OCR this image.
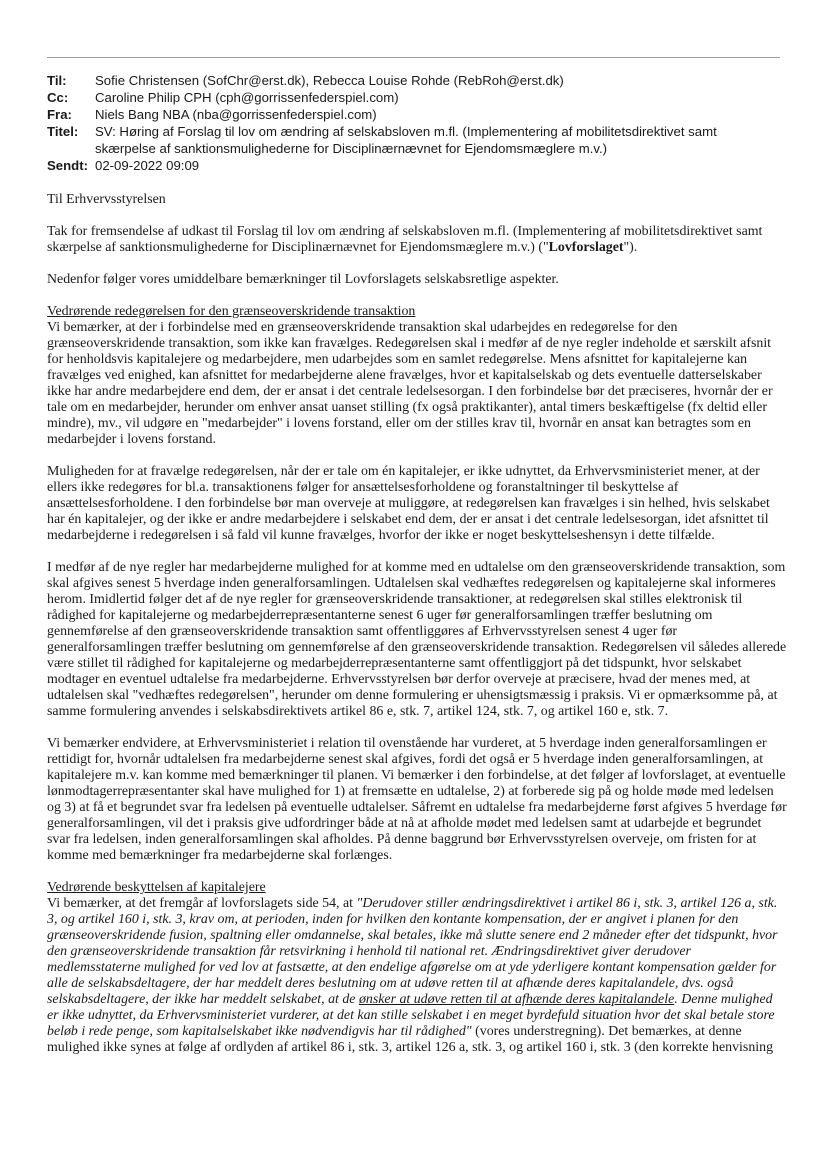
Til:	Sofie Christensen (SofChr@erst.dk), Rebecca Louise Rohde (RebRoh@erst.dk)
Cc:	Caroline Philip CPH (cph@gorrissenfederspiel.com)
Fra:	Niels Bang NBA (nba@gorrissenfederspiel.com)
Titel:	SV: Høring af Forslag til lov om ændring af selskabsloven m.fl. (Implementering af mobilitetsdirektivet samt
skærpelse af sanktionsmulighederne for Disciplinærnævnet for Ejendomsmæglere m.v.)
Sendt: 02-09-2022 09:09

Til Erhvervsstyrelsen

Tak for fremsendelse af udkast til Forslag til lov om ændring af selskabsloven m.fl. (Implementering af mobilitetsdirektivet samt skærpelse af sanktionsmulighederne for Disciplinærnævnet for Ejendomsmæglere m.v.) ("Lovforslaget").

Nedenfor følger vores umiddelbare bemærkninger til Lovforslagets selskabsretlige aspekter.

Vedrørende redegørelsen for den grænseoverskridende transaktion

Vi bemærker, at der i forbindelse med en grænseoverskridende transaktion skal udarbejdes en redegørelse for den grænseoverskridende transaktion, som ikke kan fravælges. Redegørelsen skal i medfør af de nye regler indeholde et særskilt afsnit for henholdsvis kapitalejere og medarbejdere, men udarbejdes som en samlet redegørelse. Mens afsnittet for kapitalejerne kan fravælges ved enighed, kan afsnittet for medarbejderne alene fravælges, hvor et kapitalselskab og dets eventuelle datterselskaber ikke har andre medarbejdere end dem, der er ansat i det centrale ledelsesorgan. I den forbindelse bør det præciseres, hvornår der er tale om en medarbejder, herunder om enhver ansat uanset stilling (fx også praktikanter), antal timers beskæftigelse (fx deltid eller mindre), mv., vil udgøre en "medarbejder" i lovens forstand, eller om der stilles krav til, hvornår en ansat kan betragtes som en medarbejder i lovens forstand.

Muligheden for at fravælge redegørelsen, når der er tale om én kapitalejer, er ikke udnyttet, da Erhvervsministeriet mener, at der ellers ikke redegøres for bl.a. transaktionens følger for ansættelsesforholdene og foranstaltninger til beskyttelse af ansættelsesforholdene. I den forbindelse bør man overveje at muliggøre, at redegørelsen kan fravælges i sin helhed, hvis selskabet har én kapitalejer, og der ikke er andre medarbejdere i selskabet end dem, der er ansat i det centrale ledelsesorgan, idet afsnittet til medarbejderne i redegørelsen i så fald vil kunne fravælges, hvorfor der ikke er noget beskyttelseshensyn i dette tilfælde.

I medfør af de nye regler har medarbejderne mulighed for at komme med en udtalelse om den grænseoverskridende transaktion, som skal afgives senest 5 hverdage inden generalforsamlingen. Udtalelsen skal vedhæftes redegørelsen og kapitalejerne skal informeres herom. Imidlertid følger det af de nye regler for grænseoverskridende transaktioner, at redegørelsen skal stilles elektronisk til rådighed for kapitalejerne og medarbejderrepræsentanterne senest 6 uger før generalforsamlingen træffer beslutning om gennemførelse af den grænseoverskridende transaktion samt offentliggøres af Erhvervsstyrelsen senest 4 uger før generalforsamlingen træffer beslutning om gennemførelse af den grænseoverskridende transaktion. Redegørelsen vil således allerede være stillet til rådighed for kapitalejerne og medarbejderrepræsentanterne samt offentliggjort på det tidspunkt, hvor selskabet modtager en eventuel udtalelse fra medarbejderne. Erhvervsstyrelsen bør derfor overveje at præcisere, hvad der menes med, at udtalelsen skal "vedhæftes redegørelsen", herunder om denne formulering er uhensigtsmæssig i praksis. Vi er opmærksomme på, at samme formulering anvendes i selskabsdirektivets artikel 86 e, stk. 7, artikel 124, stk. 7, og artikel 160 e, stk. 7.

Vi bemærker endvidere, at Erhvervsministeriet i relation til ovenstående har vurderet, at 5 hverdage inden generalforsamlingen er rettidigt for, hvornår udtalelsen fra medarbejderne senest skal afgives, fordi det også er 5 hverdage inden generalforsamlingen, at kapitalejere m.v. kan komme med bemærkninger til planen. Vi bemærker i den forbindelse, at det følger af lovforslaget, at eventuelle lønmodtagerrepræsentanter skal have mulighed for 1) at fremsætte en udtalelse, 2) at forberede sig på og holde møde med ledelsen og 3) at få et begrundet svar fra ledelsen på eventuelle udtalelser. Såfremt en udtalelse fra medarbejderne først afgives 5 hverdage før generalforsamlingen, vil det i praksis give udfordringer både at nå at afholde mødet med ledelsen samt at udarbejde et begrundet svar fra ledelsen, inden generalforsamlingen skal afholdes. På denne baggrund bør Erhvervsstyrelsen overveje, om fristen for at komme med bemærkninger fra medarbejderne skal forlænges.

Vedrørende beskyttelsen af kapitalejere

Vi bemærker, at det fremgår af lovforslagets side 54, at "Derudover stiller ændringsdirektivet i artikel 86 i, stk. 3, artikel 126 a, stk. 3, og artikel 160 i, stk. 3, krav om, at perioden, inden for hvilken den kontante kompensation, der er angivet i planen for den grænseoverskridende fusion, spaltning eller omdannelse, skal betales, ikke må slutte senere end 2 måneder efter det tidspunkt, hvor den grænseoverskridende transaktion får retsvirkning i henhold til national ret. Ændringsdirektivet giver derudover medlemsstaterne mulighed for ved lov at fastsætte, at den endelige afgørelse om at yde yderligere kontant kompensation gælder for alle de selskabsdeltagere, der har meddelt deres beslutning om at udøve retten til at afhænde deres kapitalandele, dvs. også selskabsdeltagere, der ikke har meddelt selskabet, at de ønsker at udøve retten til at afhænde deres kapitalandele. Denne mulighed er ikke udnyttet, da Erhvervsministeriet vurderer, at det kan stille selskabet i en meget byrdefuld situation hvor det skal betale store beløb i rede penge, som kapitalselskabet ikke nødvendigvis har til rådighed" (vores understregning). Det bemærkes, at denne mulighed ikke synes at følge af ordlyden af artikel 86 i, stk. 3, artikel 126 a, stk. 3, og artikel 160 i, stk. 3 (den korrekte henvisning
